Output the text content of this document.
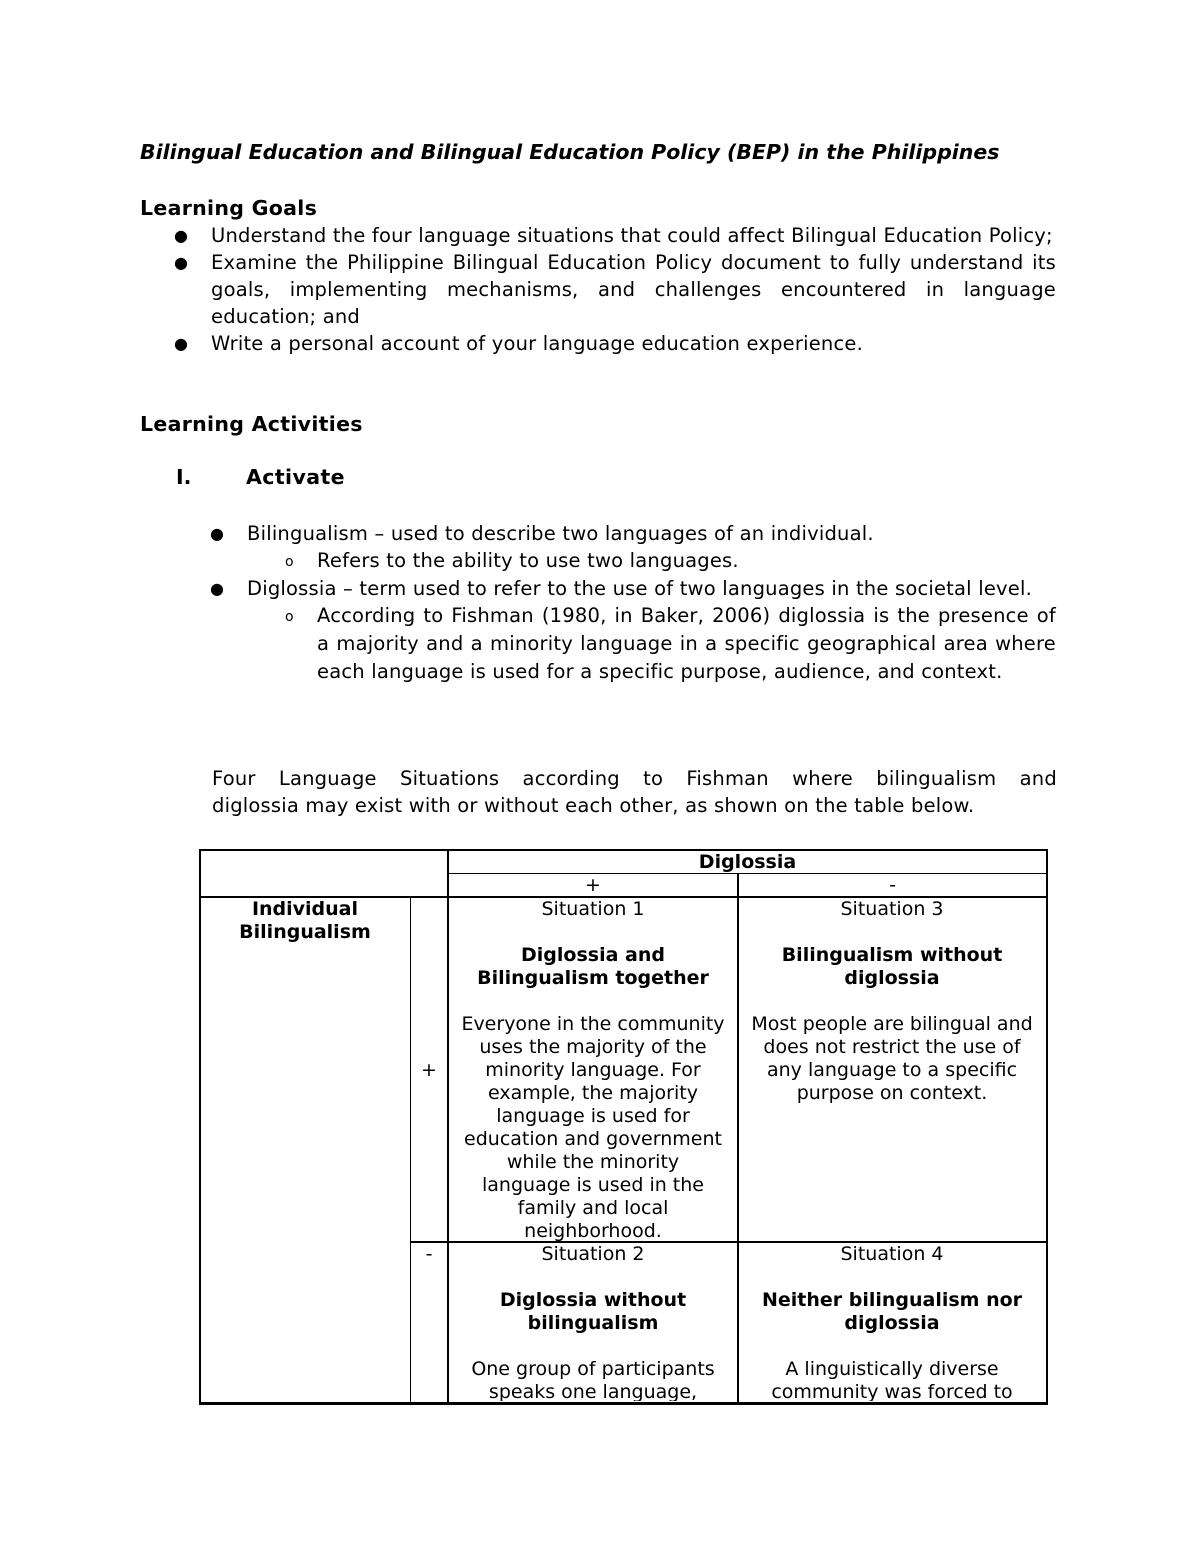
Bilingual Education and Bilingual Education Policy (BEP) in the Philippines
Learning Goals
● Understand the four language situations that could affect Bilingual Education Policy;
● Examine the Philippine Bilingual Education Policy document to fully understand its goals, implementing mechanisms, and challenges encountered in language education; and
● Write a personal account of your language education experience.
Learning Activities
I.	Activate
● Bilingualism – used to describe two languages of an individual.
o Refers to the ability to use two languages.
● Diglossia – term used to refer to the use of two languages in the societal level.
o According to Fishman (1980, in Baker, 2006) diglossia is the presence of a majority and a minority language in a specific geographical area where each language is used for a specific purpose, audience, and context.
Four Language Situations according to Fishman where bilingualism and
diglossia may exist with or without each other, as shown on the table below.
Diglossia
+	-
Individual Bilingualism
+
-
Situation 1
Diglossia and Bilingualism together
Everyone in the community uses the majority of the minority language. For example, the majority language is used for education and government while the minority language is used in the family and local neighborhood.
Situation 3
Bilingualism without diglossia
Most people are bilingual and does not restrict the use of any language to a specific purpose on context.
Situation 2
Diglossia without bilingualism
One group of participants speaks one language,
Situation 4
Neither bilingualism nor diglossia
A linguistically diverse community was forced to
